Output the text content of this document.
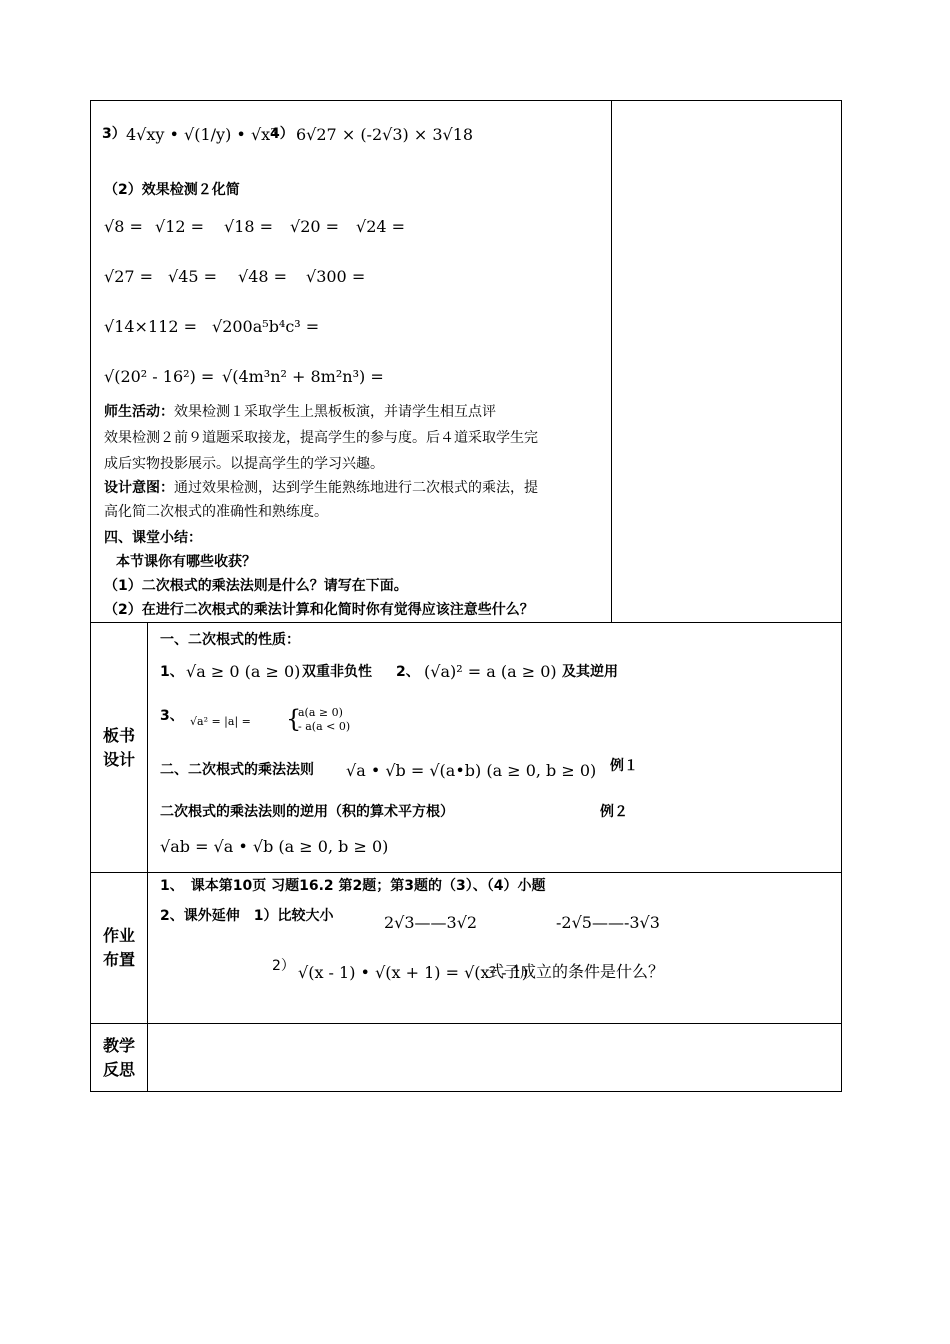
3） 4√xy • √(1/y) • √x³
4） 6√27 × (-2√3) × 3√18
（2）效果检测２化简
√8 = √12 = √18 = √20 = √24 =
√27 = √45 = √48 = √300 =
√14×112 = √200a⁵b⁴c³ =
√(20² - 16²) = √(4m³n² + 8m²n³) =
师生活动： 效果检测１采取学生上黑板板演，并请学生相互点评
效果检测２前９道题采取接龙，提高学生的参与度。后４道采取学生完
成后实物投影展示。以提高学生的学习兴趣。
设计意图： 通过效果检测，达到学生能熟练地进行二次根式的乘法，提
高化简二次根式的准确性和熟练度。
四、课堂小结：
本节课你有哪些收获？
（1）二次根式的乘法法则是什么？请写在下面。
（2）在进行二次根式的乘法计算和化简时你有觉得应该注意些什么？
板书
设计
一、二次根式的性质：
1、 √a ≥ 0 (a ≥ 0) 双重非负性 2、 (√a)² = a (a ≥ 0) 及其逆用
3、 √a² = |a| = {
a(a ≥ 0)
- a(a < 0)
二、二次根式的乘法法则 √a • √b = √(a•b) (a ≥ 0, b ≥ 0) 例１
二次根式的乘法法则的逆用（积的算术平方根）	例２
√ab = √a • √b (a ≥ 0, b ≥ 0)
作业
布置
1、　课本第10页 习题16.2 第2题；第3题的（3）、（4）小题
2、课外延伸　1）比较大小	2√3——3√2	-2√5——-3√3
2） √(x - 1) • √(x + 1) = √(x² - 1)
式子成立的条件是什么？
教学
反思
